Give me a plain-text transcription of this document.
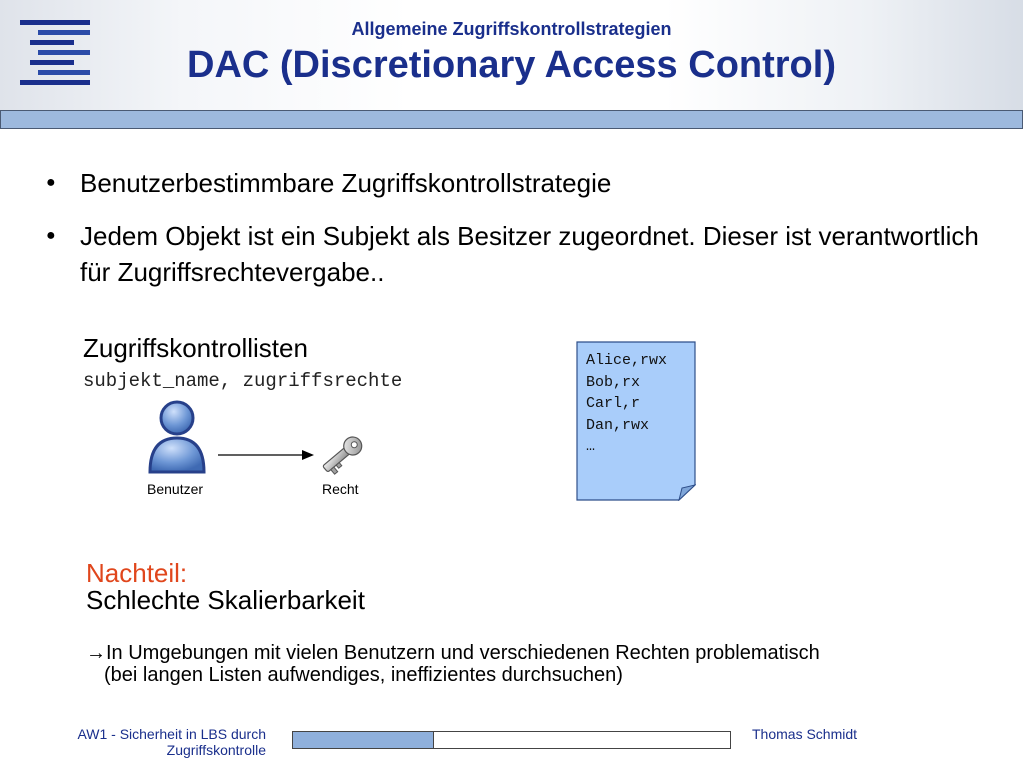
Allgemeine Zugriffskontrollstrategien
DAC (Discretionary Access Control)
● Benutzerbestimmbare Zugriffskontrollstrategie
● Jedem Objekt ist ein Subjekt als Besitzer zugeordnet. Dieser ist verantwortlich für Zugriffsrechtevergabe..
Zugriffskontrollisten
subjekt_name, zugriffsrechte
Benutzer	Recht
Alice,rwx
Bob,rx
Carl,r
Dan,rwx
…
Nachteil:
Schlechte Skalierbarkeit
→In Umgebungen mit vielen Benutzern und verschiedenen Rechten problematisch
(bei langen Listen aufwendiges, ineffizientes durchsuchen)
AW1 - Sicherheit in LBS durch
Zugriffskontrolle
Thomas Schmidt
